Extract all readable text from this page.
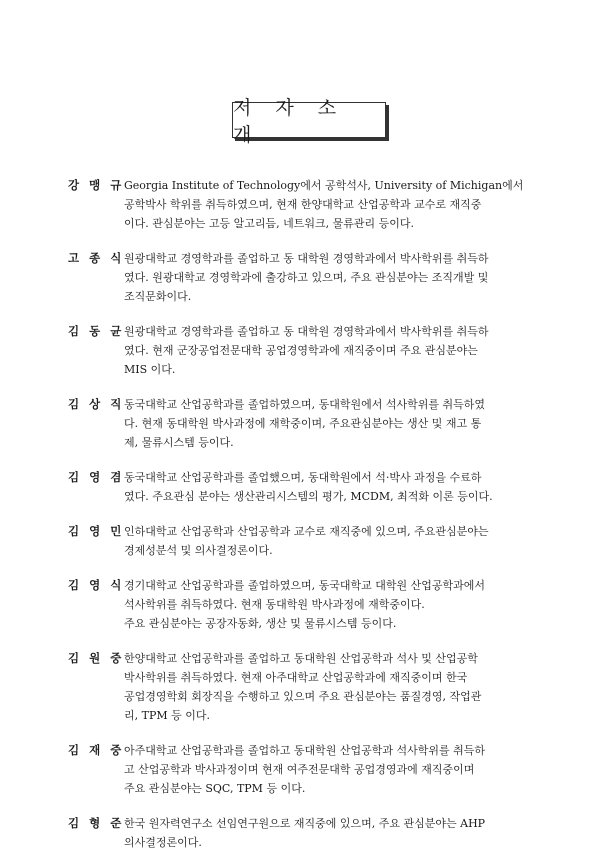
저 자 소 개
강 맹 규 Georgia Institute of Technology에서 공학석사, University of Michigan에서
공학박사 학위를 취득하였으며, 현재 한양대학교 산업공학과 교수로 재직중
이다. 관심분야는 고등 알고리듬, 네트워크, 물류관리 등이다.
고 종 식 원광대학교 경영학과를 졸업하고 동 대학원 경영학과에서 박사학위를 취득하
였다. 원광대학교 경영학과에 출강하고 있으며, 주요 관심분야는 조직개발 및
조직문화이다.
김 동 균 원광대학교 경영학과를 졸업하고 동 대학원 경영학과에서 박사학위를 취득하
였다. 현재 군장공업전문대학 공업경영학과에 재직중이며 주요 관심분야는
MIS 이다.
김 상 직 동국대학교 산업공학과를 졸업하였으며, 동대학원에서 석사학위를 취득하였
다. 현재 동대학원 박사과정에 재학중이며, 주요관심분야는 생산 및 재고 통
제, 물류시스템 등이다.
김 영 겸 동국대학교 산업공학과를 졸업했으며, 동대학원에서 석·박사 과정을 수료하
였다. 주요관심 분야는 생산관리시스템의 평가, MCDM, 최적화 이론 등이다.
김 영 민 인하대학교 산업공학과 산업공학과 교수로 재직중에 있으며, 주요관심분야는
경제성분석 및 의사결정론이다.
김 영 식 경기대학교 산업공학과를 졸업하였으며, 동국대학교 대학원 산업공학과에서
석사학위를 취득하였다. 현재 동대학원 박사과정에 재학중이다.
주요 관심분야는 공장자동화, 생산 및 물류시스템 등이다.
김 원 중 한양대학교 산업공학과를 졸업하고 동대학원 산업공학과 석사 및 산업공학
박사학위를 취득하였다. 현재 아주대학교 산업공학과에 재직중이며 한국
공업경영학회 회장직을 수행하고 있으며 주요 관심분야는 품질경영, 작업관
리, TPM 등 이다.
김 재 중 아주대학교 산업공학과를 졸업하고 동대학원 산업공학과 석사학위를 취득하
고 산업공학과 박사과정이며 현재 여주전문대학 공업경영과에 재직중이며
주요 관심분야는 SQC, TPM 등 이다.
김 형 준 한국 원자력연구소 선임연구원으로 재직중에 있으며, 주요 관심분야는 AHP
의사결정론이다.
